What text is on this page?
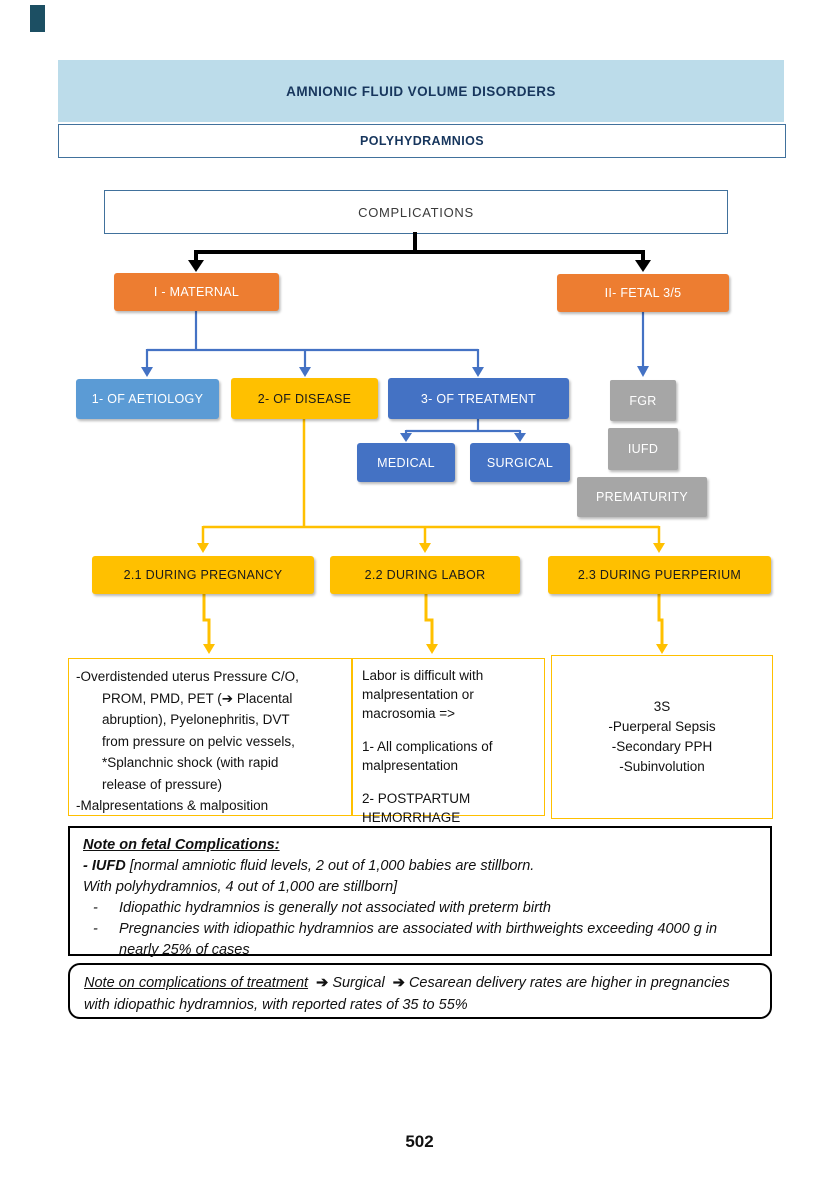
AMNIONIC FLUID VOLUME DISORDERS
POLYHYDRAMNIOS
COMPLICATIONS
I - MATERNAL	II- FETAL 3/5
1- OF AETIOLOGY	2- OF DISEASE	3- OF TREATMENT
MEDICAL	SURGICAL
FGR
IUFD
PREMATURITY
2.1 DURING PREGNANCY	2.2 DURING LABOR	2.3 DURING PUERPERIUM
-Overdistended uterus Pressure C/O,
PROM, PMD, PET (➔ Placental
abruption), Pyelonephritis, DVT
from pressure on pelvic vessels,
*Splanchnic shock (with rapid
release of pressure)
-Malpresentations & malposition

Labor is difficult with malpresentation or macrosomia =>

1- All complications of malpresentation

2- POSTPARTUM HEMORRHAGE

3S
-Puerperal Sepsis
-Secondary PPH
-Subinvolution
Note on fetal Complications:
- IUFD [normal amniotic fluid levels, 2 out of 1,000 babies are stillborn.
With polyhydramnios, 4 out of 1,000 are stillborn]
- Idiopathic hydramnios is generally not associated with preterm birth
- Pregnancies with idiopathic hydramnios are associated with birthweights exceeding 4000 g in nearly 25% of cases
Note on complications of treatment ➔ Surgical ➔ Cesarean delivery rates are higher in pregnancies with idiopathic hydramnios, with reported rates of 35 to 55%
502
